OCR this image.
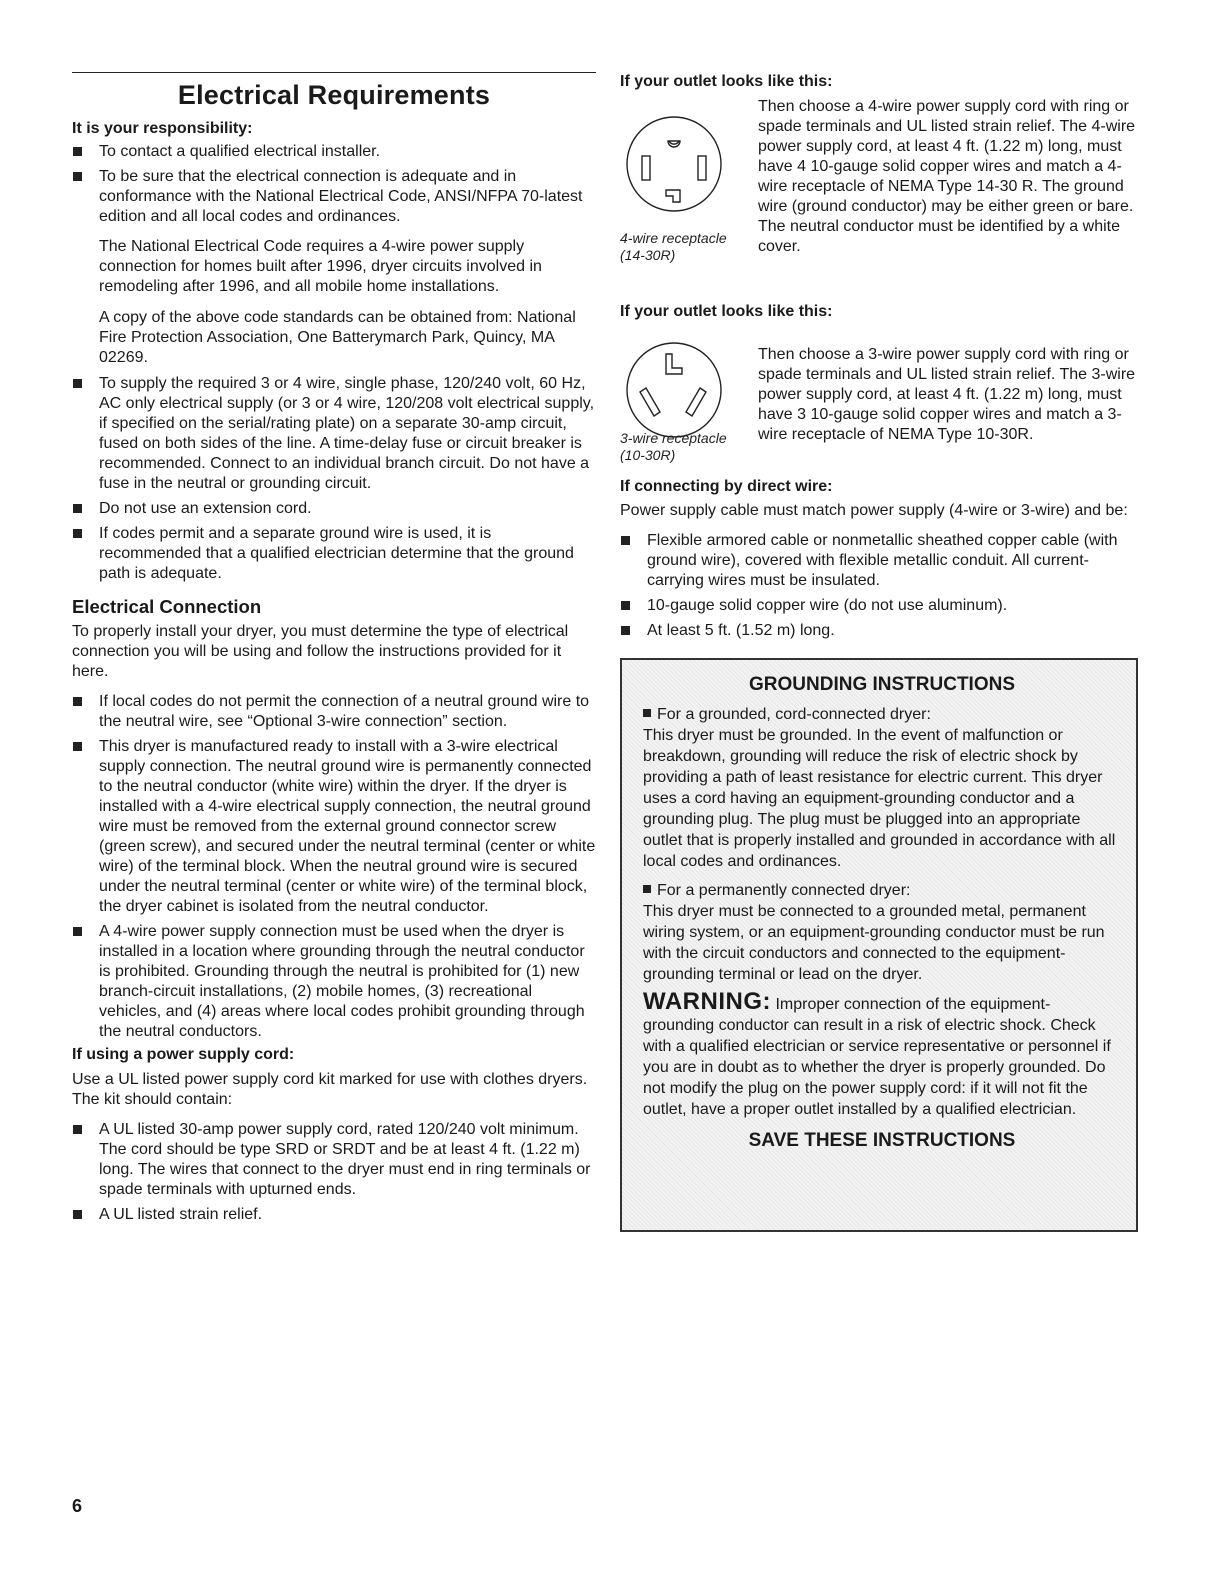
Electrical Requirements
It is your responsibility:
To contact a qualified electrical installer.
To be sure that the electrical connection is adequate and in conformance with the National Electrical Code, ANSI/NFPA 70-latest edition and all local codes and ordinances.

The National Electrical Code requires a 4-wire power supply connection for homes built after 1996, dryer circuits involved in remodeling after 1996, and all mobile home installations.

A copy of the above code standards can be obtained from: National Fire Protection Association, One Batterymarch Park, Quincy, MA 02269.

To supply the required 3 or 4 wire, single phase, 120/240 volt, 60 Hz, AC only electrical supply (or 3 or 4 wire, 120/208 volt electrical supply, if specified on the serial/rating plate) on a separate 30-amp circuit, fused on both sides of the line. A time-delay fuse or circuit breaker is recommended. Connect to an individual branch circuit. Do not have a fuse in the neutral or grounding circuit.
Do not use an extension cord.
If codes permit and a separate ground wire is used, it is recommended that a qualified electrician determine that the ground path is adequate.
Electrical Connection

To properly install your dryer, you must determine the type of electrical connection you will be using and follow the instructions provided for it here.

If local codes do not permit the connection of a neutral ground wire to the neutral wire, see “Optional 3-wire connection” section.
This dryer is manufactured ready to install with a 3-wire electrical supply connection. The neutral ground wire is permanently connected to the neutral conductor (white wire) within the dryer. If the dryer is installed with a 4-wire electrical supply connection, the neutral ground wire must be removed from the external ground connector screw (green screw), and secured under the neutral terminal (center or white wire) of the terminal block. When the neutral ground wire is secured under the neutral terminal (center or white wire) of the terminal block, the dryer cabinet is isolated from the neutral conductor.
A 4-wire power supply connection must be used when the dryer is installed in a location where grounding through the neutral conductor is prohibited. Grounding through the neutral is prohibited for (1) new branch-circuit installations, (2) mobile homes, (3) recreational vehicles, and (4) areas where local codes prohibit grounding through the neutral conductors.
If using a power supply cord:

Use a UL listed power supply cord kit marked for use with clothes dryers. The kit should contain:

A UL listed 30-amp power supply cord, rated 120/240 volt minimum. The cord should be type SRD or SRDT and be at least 4 ft. (1.22 m) long. The wires that connect to the dryer must end in ring terminals or spade terminals with upturned ends.
A UL listed strain relief.
If your outlet looks like this:
4-wire receptacle
(14-30R)
Then choose a 4-wire power supply cord with ring or spade terminals and UL listed strain relief. The 4-wire power supply cord, at least 4 ft. (1.22 m) long, must have 4 10-gauge solid copper wires and match a 4-wire receptacle of NEMA Type 14-30 R. The ground wire (ground conductor) may be either green or bare. The neutral conductor must be identified by a white cover.
If your outlet looks like this:
3-wire receptacle
(10-30R)
Then choose a 3-wire power supply cord with ring or spade terminals and UL listed strain relief. The 3-wire power supply cord, at least 4 ft. (1.22 m) long, must have 3 10-gauge solid copper wires and match a 3-wire receptacle of NEMA Type 10-30R.
If connecting by direct wire:

Power supply cable must match power supply (4-wire or 3-wire) and be:

Flexible armored cable or nonmetallic sheathed copper cable (with ground wire), covered with flexible metallic conduit. All current-carrying wires must be insulated.
10-gauge solid copper wire (do not use aluminum).
At least 5 ft. (1.52 m) long.
GROUNDING INSTRUCTIONS

For a grounded, cord-connected dryer:

This dryer must be grounded. In the event of malfunction or breakdown, grounding will reduce the risk of electric shock by providing a path of least resistance for electric current. This dryer uses a cord having an equipment-grounding conductor and a grounding plug. The plug must be plugged into an appropriate outlet that is properly installed and grounded in accordance with all local codes and ordinances.

For a permanently connected dryer:

This dryer must be connected to a grounded metal, permanent wiring system, or an equipment-grounding conductor must be run with the circuit conductors and connected to the equipment-grounding terminal or lead on the dryer.

WARNING: Improper connection of the equipment-grounding conductor can result in a risk of electric shock. Check with a qualified electrician or service representative or personnel if you are in doubt as to whether the dryer is properly grounded. Do not modify the plug on the power supply cord: if it will not fit the outlet, have a proper outlet installed by a qualified electrician.

SAVE THESE INSTRUCTIONS
6
